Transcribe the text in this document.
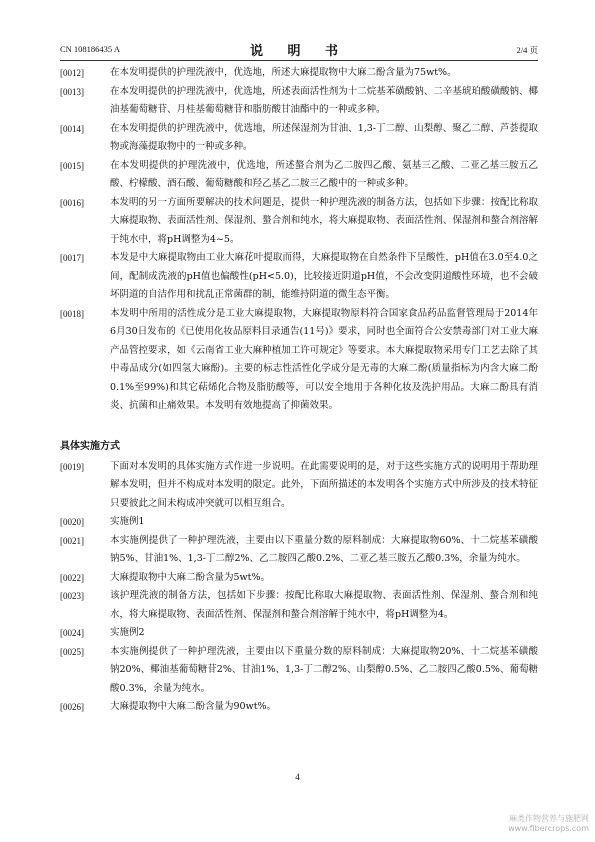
CN 108186435 A	说 明 书	2/4 页

[0012]	在本发明提供的护理洗液中，优选地，所述大麻提取物中大麻二酚含量为75wt%。

[0013]	在本发明提供的护理洗液中，优选地，所述表面活性剂为十二烷基苯磺酸钠、二辛基琥珀酸磺酸钠、椰油基葡萄糖苷、月桂基葡萄糖苷和脂肪酸甘油酯中的一种或多种。

[0014]	在本发明提供的护理洗液中，优选地，所述保湿剂为甘油、1,3-丁二醇、山梨醇、聚乙二醇、芦荟提取物或海藻提取物中的一种或多种。

[0015]	在本发明提供的护理洗液中，优选地，所述螯合剂为乙二胺四乙酸、氨基三乙酸、二亚乙基三胺五乙酸、柠檬酸、酒石酸、葡萄糖酸和羟乙基乙二胺三乙酸中的一种或多种。

[0016]	本发明的另一方面所要解决的技术问题是，提供一种护理洗液的制备方法，包括如下步骤：按配比称取大麻提取物、表面活性剂、保湿剂、螯合剂和纯水，将大麻提取物、表面活性剂、保湿剂和螯合剂溶解于纯水中，将pH调整为4~5。

[0017]	本发是中大麻提取物由工业大麻花叶提取而得，大麻提取物在自然条件下呈酸性，pH值在3.0至4.0之间，配制成洗液的pH值也偏酸性(pH<5.0)，比较接近阴道pH值，不会改变阴道酸性环境，也不会破坏阴道的自洁作用和扰乱正常菌群的制，能维持阴道的微生态平衡。

[0018]	本发明中所用的活性成分是工业大麻提取物，大麻提取物原料符合国家食品药品监督管理局于2014年6月30日发布的《已使用化妆品原料目录通告(11号)》要求，同时也全面符合公安禁毒部门对工业大麻产品管控要求，如《云南省工业大麻种植加工许可规定》等要求。本大麻提取物采用专门工艺去除了其中毒品成分(如四氢大麻酚)。主要的标志性活性化学成分是无毒的大麻二酚(质量指标为内含大麻二酚0.1%至99%)和其它萜烯化合物及脂肪酸等，可以安全地用于各种化妆及洗护用品。大麻二酚具有消炎、抗菌和止痛效果。本发明有效地提高了抑菌效果。

具体实施方式

[0019]	下面对本发明的具体实施方式作进一步说明。在此需要说明的是，对于这些实施方式的说明用于帮助理解本发明，但并不构成对本发明的限定。此外，下面所描述的本发明各个实施方式中所涉及的技术特征只要彼此之间未构成冲突就可以相互组合。

[0020]	实施例1

[0021]	本实施例提供了一种护理洗液，主要由以下重量分数的原料制成：大麻提取物60%、十二烷基苯磺酸钠5%、甘油1%、1,3-丁二醇2%、乙二胺四乙酸0.2%、二亚乙基三胺五乙酸0.3%，余量为纯水。

[0022]	大麻提取物中大麻二酚含量为5wt%。

[0023]	该护理洗液的制备方法，包括如下步骤：按配比称取大麻提取物、表面活性剂、保湿剂、螯合剂和纯水，将大麻提取物、表面活性剂、保湿剂和螯合剂溶解于纯水中，将pH调整为4。

[0024]	实施例2

[0025]	本实施例提供了一种护理洗液，主要由以下重量分数的原料制成：大麻提取物20%、十二烷基苯磺酸钠20%、椰油基葡萄糖苷2%、甘油1%、1,3-丁二醇2%、山梨醇0.5%、乙二胺四乙酸0.5%、葡萄糖酸0.3%，余量为纯水。

[0026]	大麻提取物中大麻二酚含量为90wt%。

4
麻类作物营养与施肥网
www.fibercrops.com
